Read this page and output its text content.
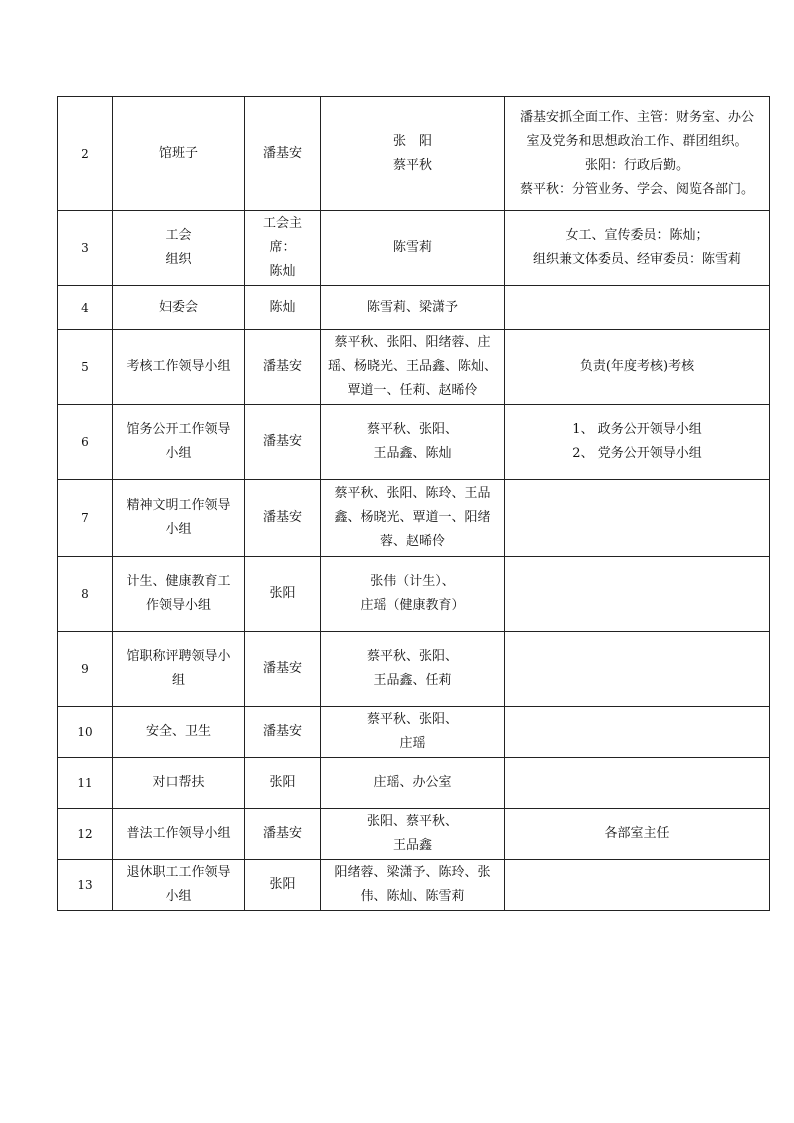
2	馆班子	潘基安	张　阳
蔡平秋	潘基安抓全面工作、主管：财务室、办公
室及党务和思想政治工作、群团组织。
张阳：行政后勤。
蔡平秋：分管业务、学会、阅览各部门。

3	工会
组织	工会主
席：
陈灿	陈雪莉	女工、宣传委员：陈灿；
组织兼文体委员、经审委员：陈雪莉

4	妇委会	陈灿	陈雪莉、梁潇予	

5	考核工作领导小组	潘基安	蔡平秋、张阳、阳绪蓉、庄
瑶、杨晓光、王品鑫、陈灿、
覃道一、任莉、赵晞伶	负责(年度考核)考核

6	馆务公开工作领导
小组	潘基安	蔡平秋、张阳、
王品鑫、陈灿	1、 政务公开领导小组
2、 党务公开领导小组

7	精神文明工作领导
小组	潘基安	蔡平秋、张阳、陈玲、王品
鑫、杨晓光、覃道一、阳绪
蓉、赵晞伶	

8	计生、健康教育工
作领导小组	张阳	张伟（计生）、
庄瑶（健康教育）	

9	馆职称评聘领导小
组	潘基安	蔡平秋、张阳、
王品鑫、任莉	

10	安全、卫生	潘基安	蔡平秋、张阳、
庄瑶	

11	对口帮扶	张阳	庄瑶、办公室	

12	普法工作领导小组	潘基安	张阳、蔡平秋、
王品鑫	各部室主任

13	退休职工工作领导
小组	张阳	阳绪蓉、梁潇予、陈玲、张
伟、陈灿、陈雪莉	
